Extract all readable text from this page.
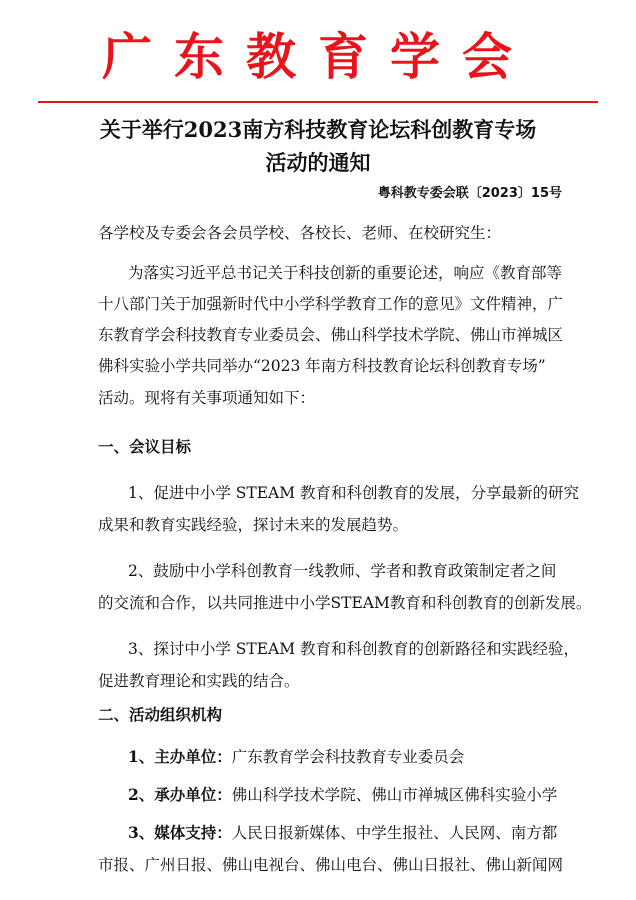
广东教育学会
关于举行2023南方科技教育论坛科创教育专场
活动的通知
粤科教专委会联〔2023〕15号
各学校及专委会各会员学校、各校长、老师、在校研究生：
为落实习近平总书记关于科技创新的重要论述，响应《教育部等
十八部门关于加强新时代中小学科学教育工作的意见》文件精神，广
东教育学会科技教育专业委员会、佛山科学技术学院、佛山市禅城区
佛科实验小学共同举办“2023 年南方科技教育论坛科创教育专场”
活动。现将有关事项通知如下：
一、会议目标
1、促进中小学 STEAM 教育和科创教育的发展，分享最新的研究
成果和教育实践经验，探讨未来的发展趋势。
2、鼓励中小学科创教育一线教师、学者和教育政策制定者之间
的交流和合作，以共同推进中小学STEAM教育和科创教育的创新发展。
3、探讨中小学 STEAM 教育和科创教育的创新路径和实践经验，
促进教育理论和实践的结合。
二、活动组织机构
1、主办单位：广东教育学会科技教育专业委员会
2、承办单位：佛山科学技术学院、佛山市禅城区佛科实验小学
3、媒体支持：人民日报新媒体、中学生报社、人民网、南方都
市报、广州日报、佛山电视台、佛山电台、佛山日报社、佛山新闻网
